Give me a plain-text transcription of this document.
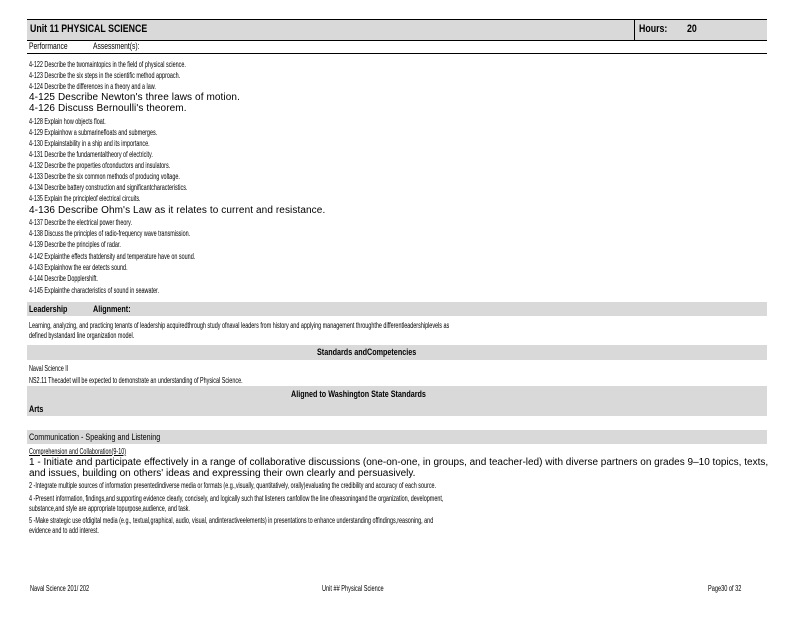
Unit 11 PHYSICAL SCIENCE	Hours: 20
Performance	Assessment(s):
4-122 Describe the twomaintopics in the field of physical science.
4-123 Describe the six steps in the scientific method approach.
4-124 Describe the differences in a theory and a law.
4-125 Describe Newton's three laws of motion.
4-126 Discuss Bernoulli's theorem.
4-128 Explain how objects float.
4-129 Explainhow a submarinefloats and submerges.
4-130 Explainstability in a ship and its importance.
4-131 Describe the fundamentaltheory of electricity.
4-132 Describe the properties ofconductors and insulators.
4-133 Describe the six common methods of producing voltage.
4-134 Describe battery construction and significantcharacteristics.
4-135 Explain the principleof electrical circuits.
4-136 Describe Ohm's Law as it relates to current and resistance.
4-137 Describe the electrical power theory.
4-138 Discuss the principles of radio-frequency wave transmission.
4-139 Describe the principles of radar.
4-142 Explainthe effects thatdensity and temperature have on sound.
4-143 Explainhow the ear detects sound.
4-144 Describe Dopplershift.
4-145 Explainthe characteristics of sound in seawater.
Leadership	Alignment:
Learning, analyzing, and practicing tenants of leadership acquiredthrough study ofnaval leaders from history and applying management throughthe differentleadershiplevels as
defined bystandard line organization model.
Standards andCompetencies
Naval Science II
NS2.11 Thecadet will be expected to demonstrate an understanding of Physical Science.
Aligned to Washington State Standards
Arts
Communication - Speaking and Listening
Comprehension and Collaboration(9-10)
1 - Initiate and participate effectively in a range of collaborative discussions (one-on-one, in groups, and teacher-led) with diverse partners on grades 9–10 topics, texts, and issues, building on others' ideas and expressing their own clearly and persuasively.
2 -Integrate multiple sources of information presentedindiverse media or formats (e.g.,visually, quantitatively, orally)evaluating the credibility and accuracy of each source.
4 -Present information, findings,and supporting evidence clearly, concisely, and logically such that listeners canfollow the line ofreasoningand the organization, development,
substance,and style are appropriate topurpose,audience, and task.
5 -Make strategic use ofdigital media (e.g., textual,graphical, audio, visual, andinteractiveelements) in presentations to enhance understanding offindings,reasoning, and
evidence and to add interest.
Naval Science 201/ 202	Unit ## Physical Science	Page30 of 32
